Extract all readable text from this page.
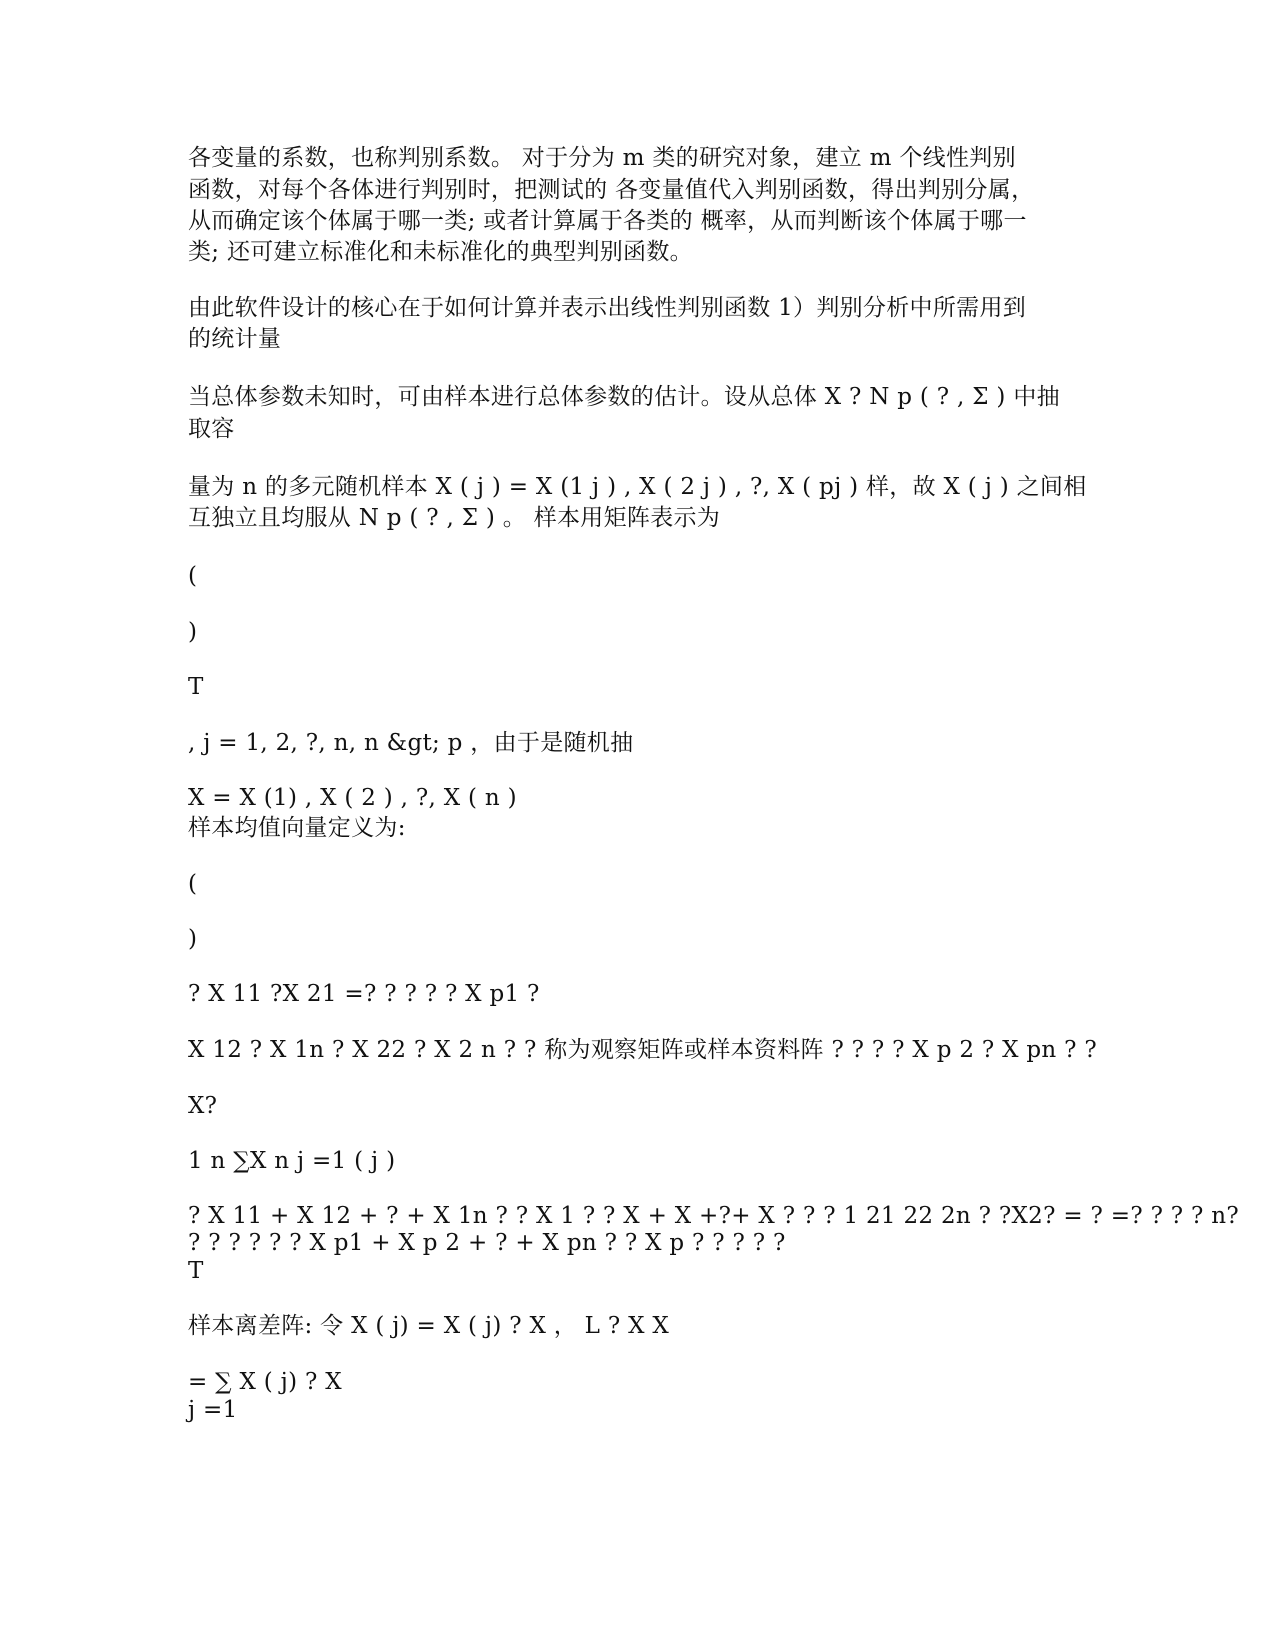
各变量的系数，也称判别系数。 对于分为 m 类的研究对象，建立 m 个线性判别

函数，对每个各体进行判别时，把测试的 各变量值代入判别函数，得出判别分属，

从而确定该个体属于哪一类; 或者计算属于各类的 概率，从而判断该个体属于哪一

类; 还可建立标准化和未标准化的典型判别函数。

由此软件设计的核心在于如何计算并表示出线性判别函数 1）判别分析中所需用到

的统计量

当总体参数未知时，可由样本进行总体参数的估计。设从总体 X ? N p ( ? , Σ ) 中抽

取容

量为 n 的多元随机样本 X ( j ) = X (1 j ) , X ( 2 j ) , ?, X ( pj ) 样，故 X ( j ) 之间相

互独立且均服从 N p ( ? , Σ ) 。 样本用矩阵表示为

(

)

T

, j = 1, 2, ?, n, n &gt; p ，由于是随机抽

X = X (1) , X ( 2 ) , ?, X ( n )

样本均值向量定义为:

(

)

? X 11 ?X 21 =? ? ? ? ? X p1 ?

X 12 ? X 1n ? X 22 ? X 2 n ? ? 称为观察矩阵或样本资料阵 ? ? ? ? X p 2 ? X pn ? ?

X?

1 n ∑X n j =1 ( j )

? X 11 + X 12 + ? + X 1n ? ? X 1 ? ? X + X +?+ X ? ? ? 1 21 22 2n ? ?X2? = ? =? ? ? ? n?

? ? ? ? ? ? X p1 + X p 2 + ? + X pn ? ? X p ? ? ? ? ?

T

样本离差阵: 令 X ( j) = X ( j) ? X ， L ? X X

= ∑ X ( j) ? X

j =1
